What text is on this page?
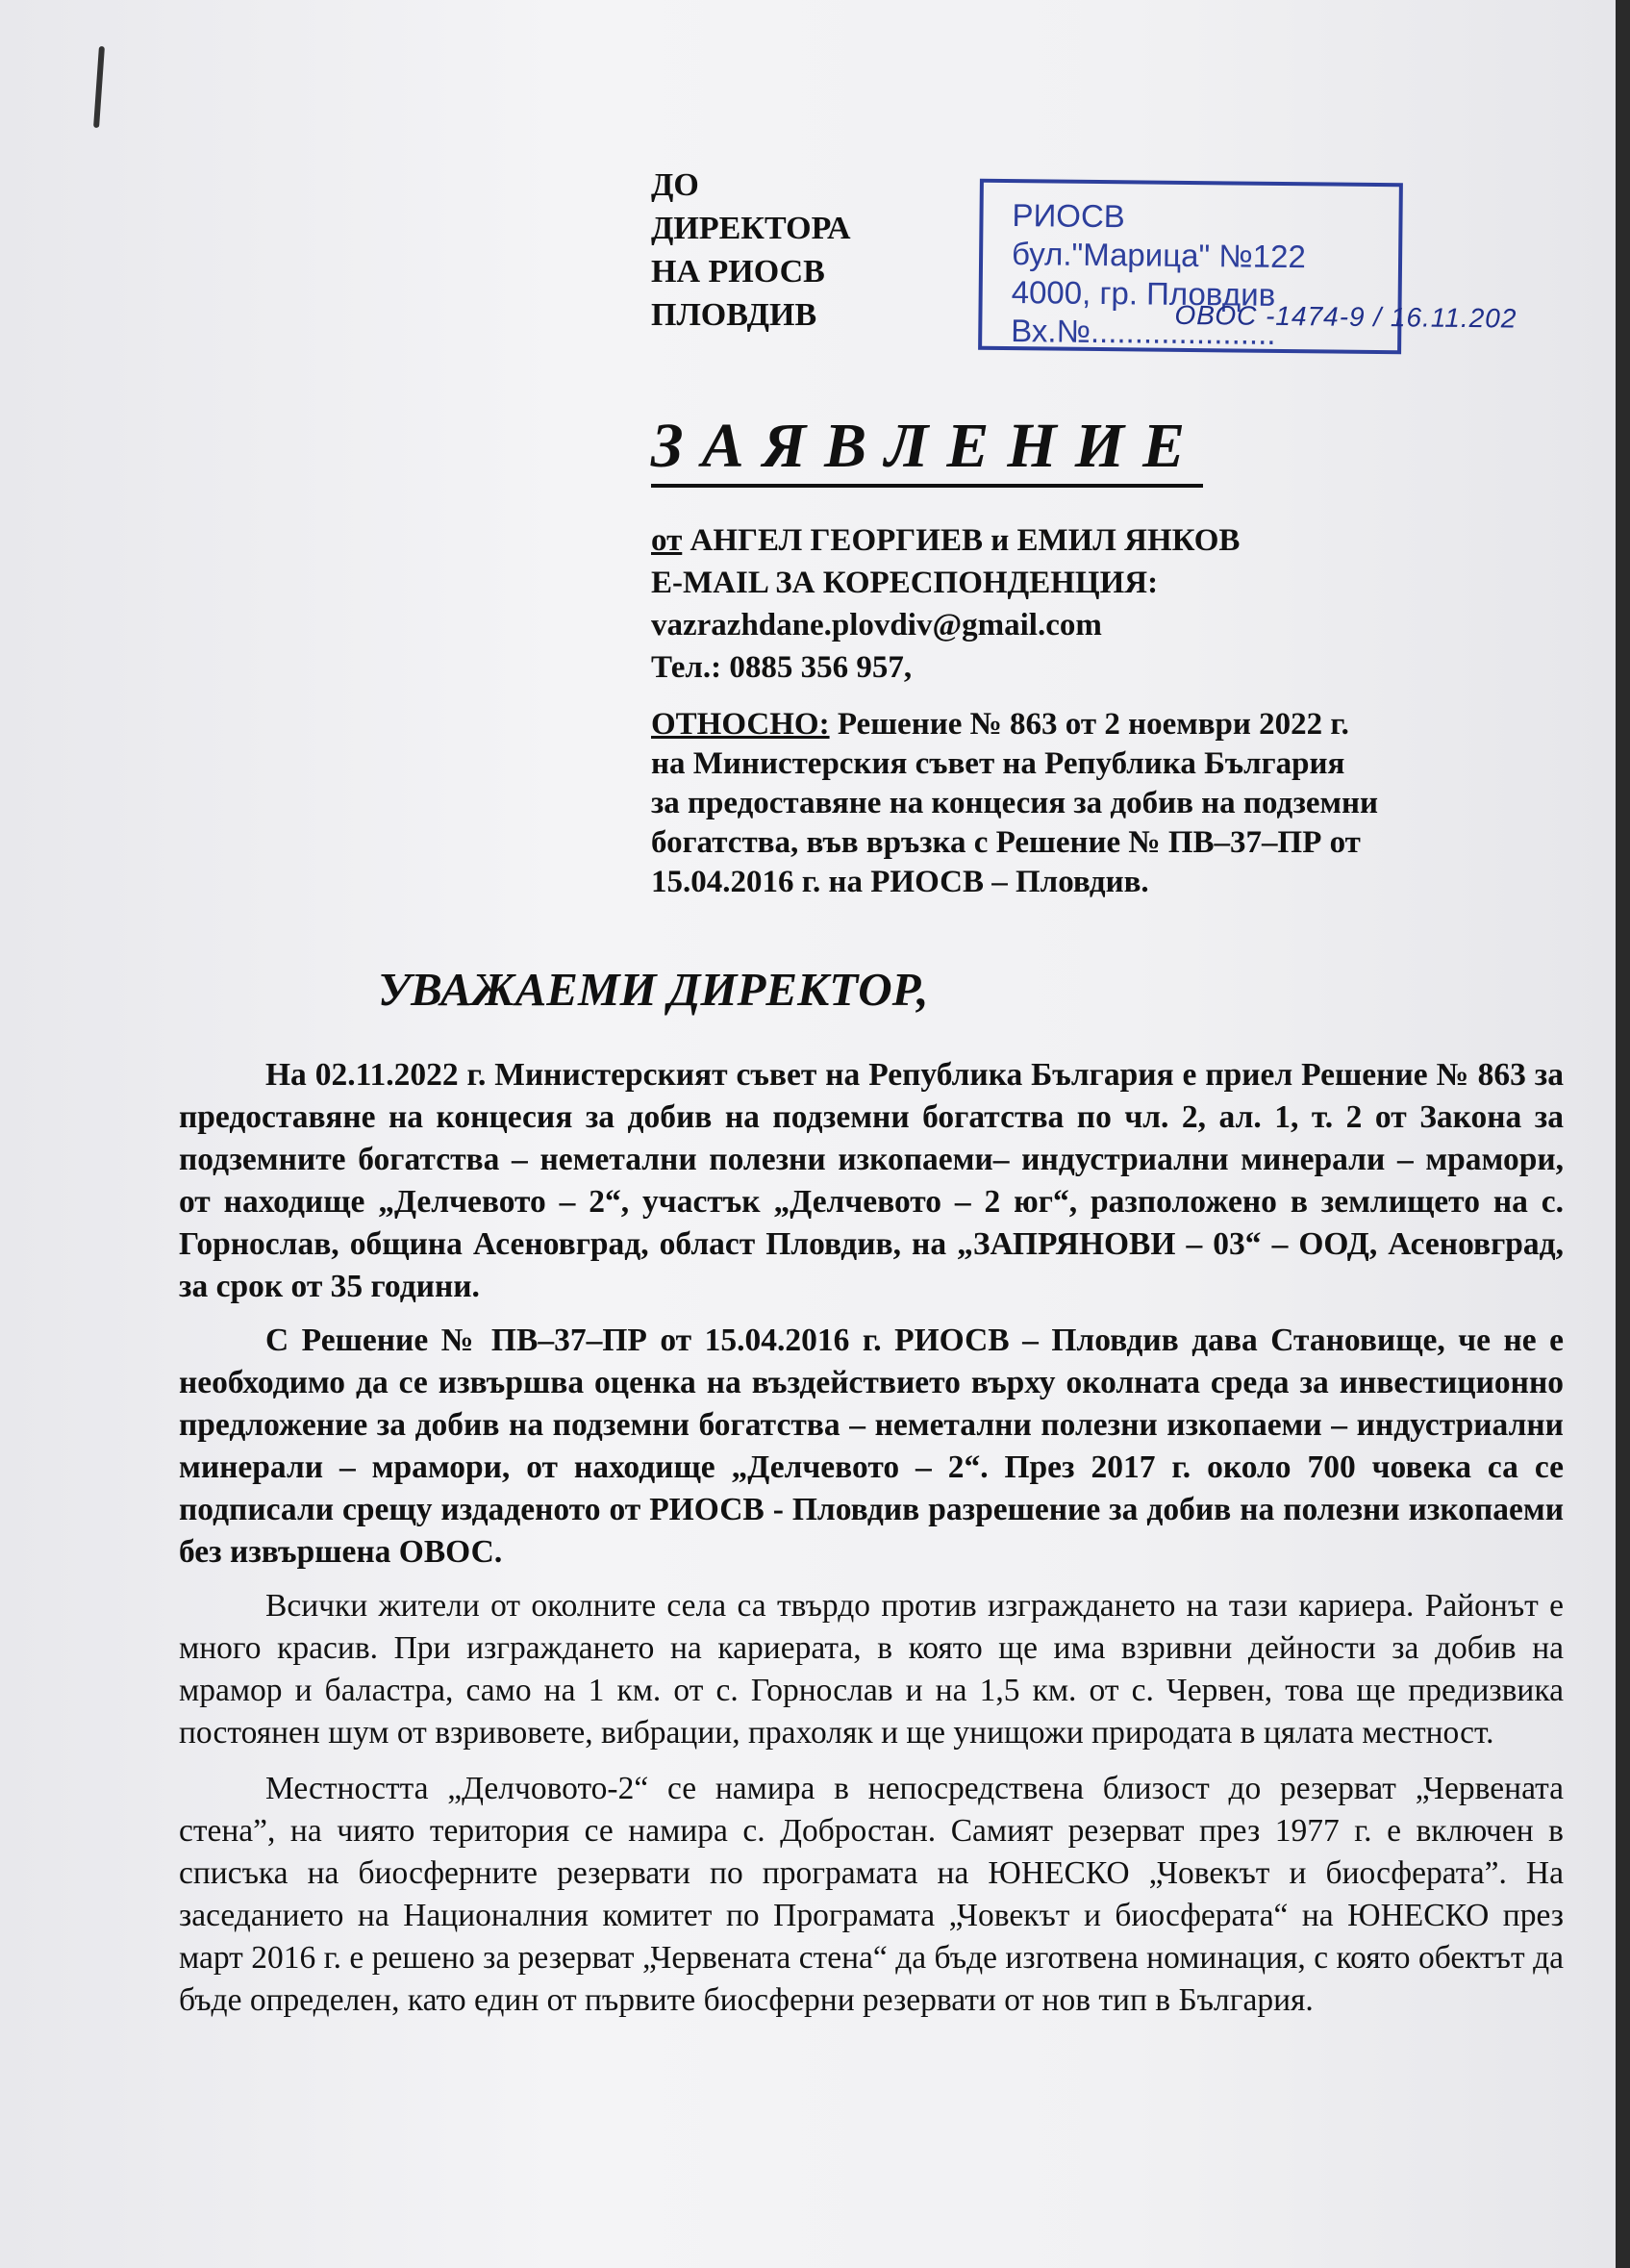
ДО
ДИРЕКТОРА
НА РИОСВ
ПЛОВДИВ
РИОСВ
бул."Марица" №122
4000, гр. Пловдив
Вх.№.....................
ОВОС -1474-9 / 16.11.202
ЗАЯВЛЕНИЕ
от АНГЕЛ ГЕОРГИЕВ и ЕМИЛ ЯНКОВ
E-MAIL ЗА КОРЕСПОНДЕНЦИЯ:
vazrazhdane.plovdiv@gmail.com
Тел.: 0885 356 957,
ОТНОСНО: Решение № 863 от 2 ноември 2022 г.
на Министерския съвет на Република България
за предоставяне на концесия за добив на подземни
богатства, във връзка с Решение № ПВ–37–ПР от
15.04.2016 г. на РИОСВ – Пловдив.
УВАЖАЕМИ ДИРЕКТОР,

На 02.11.2022 г. Министерският съвет на Република България е приел Решение № 863 за предоставяне на концесия за добив на подземни богатства по чл. 2, ал. 1, т. 2 от Закона за подземните богатства – неметални полезни изкопаеми– индустриални минерали – мрамори, от находище „Делчевото – 2“, участък „Делчевото – 2 юг“, разположено в землището на с. Горнослав, община Асеновград, област Пловдив, на „ЗАПРЯНОВИ – 03“ – ООД, Асеновград, за срок от 35 години.

С Решение № ПВ–37–ПР от 15.04.2016 г. РИОСВ – Пловдив дава Становище, че не е необходимо да се извършва оценка на въздействието върху околната среда за инвестиционно предложение за добив на подземни богатства – неметални полезни изкопаеми – индустриални минерали – мрамори, от находище „Делчевото – 2“. През 2017 г. около 700 човека са се подписали срещу издаденото от РИОСВ - Пловдив разрешение за добив на полезни изкопаеми без извършена ОВОС.

Всички жители от околните села са твърдо против изграждането на тази кариера. Районът е много красив. При изграждането на кариерата, в която ще има взривни дейности за добив на мрамор и баластра, само на 1 км. от с. Горнослав и на 1,5 км. от с. Червен, това ще предизвика постоянен шум от взривовете, вибрации, прахоляк и ще унищожи природата в цялата местност.

Местността „Делчовото-2“ се намира в непосредствена близост до резерват „Червената стена”, на чиято територия се намира с. Добростан. Самият резерват през 1977 г. е включен в списъка на биосферните резервати по програмата на ЮНЕСКО „Човекът и биосферата”. На заседанието на Националния комитет по Програмата „Човекът и биосферата“ на ЮНЕСКО през март 2016 г. е решено за резерват „Червената стена“ да бъде изготвена номинация, с която обектът да бъде определен, като един от първите биосферни резервати от нов тип в България.
